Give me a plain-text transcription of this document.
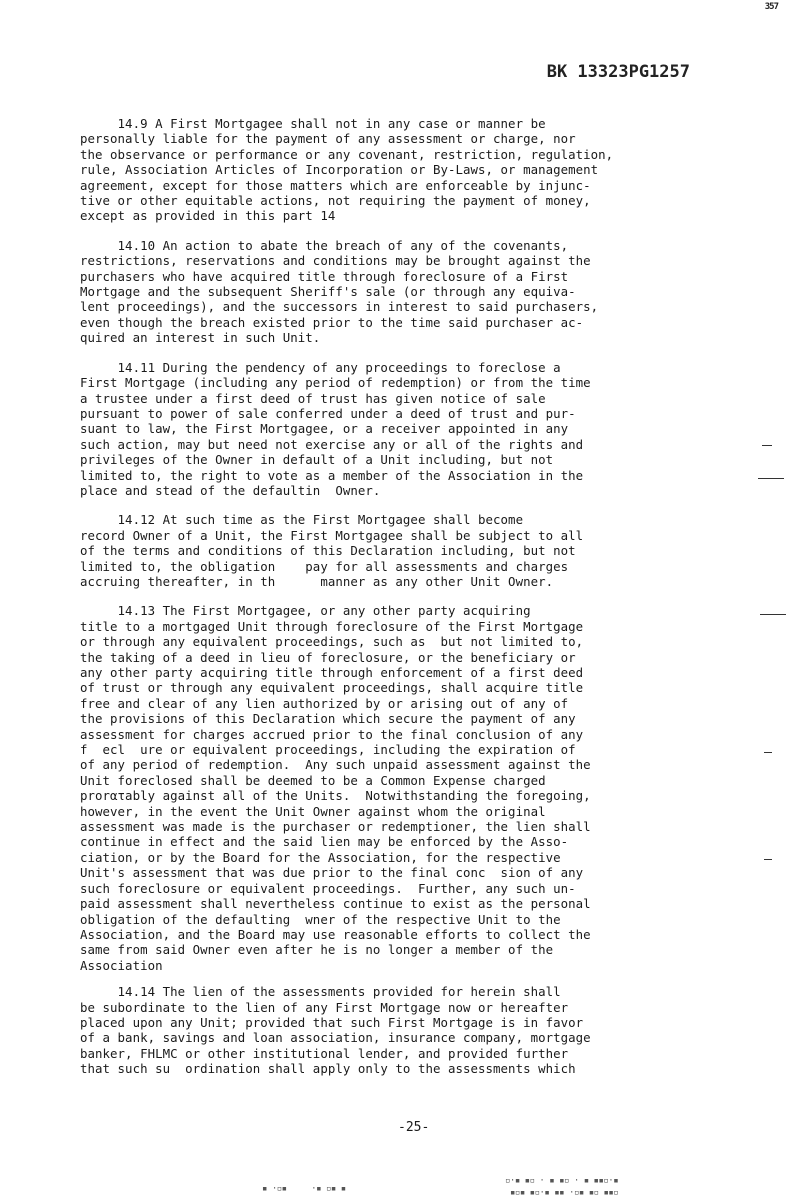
357
BK 13323PG1257

14.9 A First Mortgagee shall not in any case or manner be
personally liable for the payment of any assessment or charge, nor
the observance or performance or any covenant, restriction, regulation,
rule, Association Articles of Incorporation or By-Laws, or management
agreement, except for those matters which are enforceable by injunc-
tive or other equitable actions, not requiring the payment of money,
except as provided in this part 14

14.10 An action to abate the breach of any of the covenants,
restrictions, reservations and conditions may be brought against the
purchasers who have acquired title through foreclosure of a First
Mortgage and the subsequent Sheriff's sale (or through any equiva-
lent proceedings), and the successors in interest to said purchasers,
even though the breach existed prior to the time said purchaser ac-
quired an interest in such Unit.

14.11 During the pendency of any proceedings to foreclose a
First Mortgage (including any period of redemption) or from the time
a trustee under a first deed of trust has given notice of sale
pursuant to power of sale conferred under a deed of trust and pur-
suant to law, the First Mortgagee, or a receiver appointed in any
such action, may but need not exercise any or all of the rights and
privileges of the Owner in default of a Unit including, but not
limited to, the right to vote as a member of the Association in the
place and stead of the defaultin  Owner.

14.12 At such time as the First Mortgagee shall become
record Owner of a Unit, the First Mortgagee shall be subject to all
of the terms and conditions of this Declaration including, but not
limited to, the obligation    pay for all assessments and charges
accruing thereafter, in th      manner as any other Unit Owner.

14.13 The First Mortgagee, or any other party acquiring
title to a mortgaged Unit through foreclosure of the First Mortgage
or through any equivalent proceedings, such as  but not limited to,
the taking of a deed in lieu of foreclosure, or the beneficiary or
any other party acquiring title through enforcement of a first deed
of trust or through any equivalent proceedings, shall acquire title
free and clear of any lien authorized by or arising out of any of
the provisions of this Declaration which secure the payment of any
assessment for charges accrued prior to the final conclusion of any
f  ecl  ure or equivalent proceedings, including the expiration of
of any period of redemption.  Any such unpaid assessment against the
Unit foreclosed shall be deemed to be a Common Expense charged
prorατably against all of the Units.  Notwithstanding the foregoing,
however, in the event the Unit Owner against whom the original
assessment was made is the purchaser or redemptioner, the lien shall
continue in effect and the said lien may be enforced by the Asso-
ciation, or by the Board for the Association, for the respective
Unit's assessment that was due prior to the final conc  sion of any
such foreclosure or equivalent proceedings.  Further, any such un-
paid assessment shall nevertheless continue to exist as the personal
obligation of the defaulting  wner of the respective Unit to the
Association, and the Board may use reasonable efforts to collect the
same from said Owner even after he is no longer a member of the
Association

14.14 The lien of the assessments provided for herein shall
be subordinate to the lien of any First Mortgage now or hereafter
placed upon any Unit; provided that such First Mortgage is in favor
of a bank, savings and loan association, insurance company, mortgage
banker, FHLMC or other institutional lender, and provided further
that such su  ordination shall apply only to the assessments which

-25-
▪ ·▫▪     ·▪ ▫▪ ▪
▫·▪ ▪▫ · ▪ ▪▫ · ▪ ▪▪▫·▪
▪▫▪ ▪▫·▪ ▪▪ ·▫▪ ▪▫ ▪▪▫
